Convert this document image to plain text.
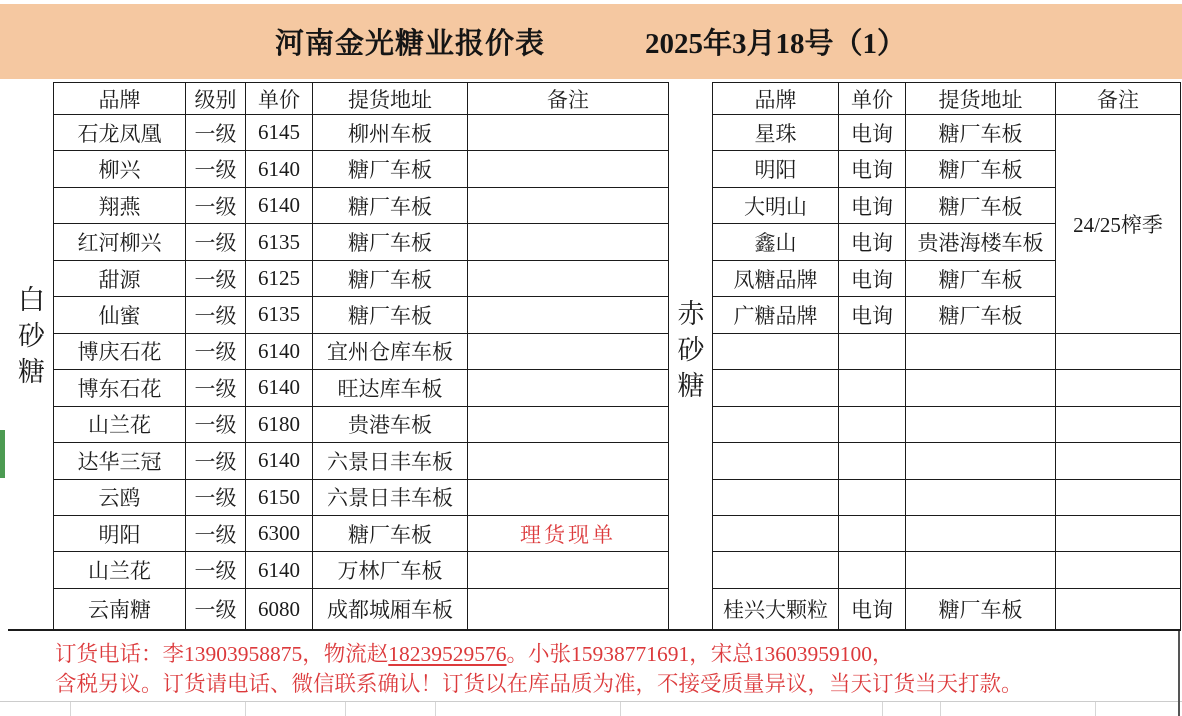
河南金光糖业报价表	2025年3月18号（1）
白砂糖
赤砂糖
品牌	级别	单价	提货地址	备注
石龙凤凰	一级	6145	柳州车板	
柳兴	一级	6140	糖厂车板	
翔燕	一级	6140	糖厂车板	
红河柳兴	一级	6135	糖厂车板	
甜源	一级	6125	糖厂车板	
仙蜜	一级	6135	糖厂车板	
博庆石花	一级	6140	宜州仓库车板	
博东石花	一级	6140	旺达库车板	
山兰花	一级	6180	贵港车板	
达华三冠	一级	6140	六景日丰车板	
云鸥	一级	6150	六景日丰车板	
明阳	一级	6300	糖厂车板	理货现单
山兰花	一级	6140	万林厂车板	
云南糖	一级	6080	成都城厢车板	
品牌	单价	提货地址	备注
星珠	电询	糖厂车板	24/25榨季
明阳	电询	糖厂车板	
大明山	电询	糖厂车板	
鑫山	电询	贵港海楼车板	
凤糖品牌	电询	糖厂车板	
广糖品牌	电询	糖厂车板	

桂兴大颗粒	电询	糖厂车板	
订货电话：李13903958875，物流赵18239529576。小张15938771691，宋总13603959100，
含税另议。订货请电话、微信联系确认！订货以在库品质为准，不接受质量异议，当天订货当天打款。
